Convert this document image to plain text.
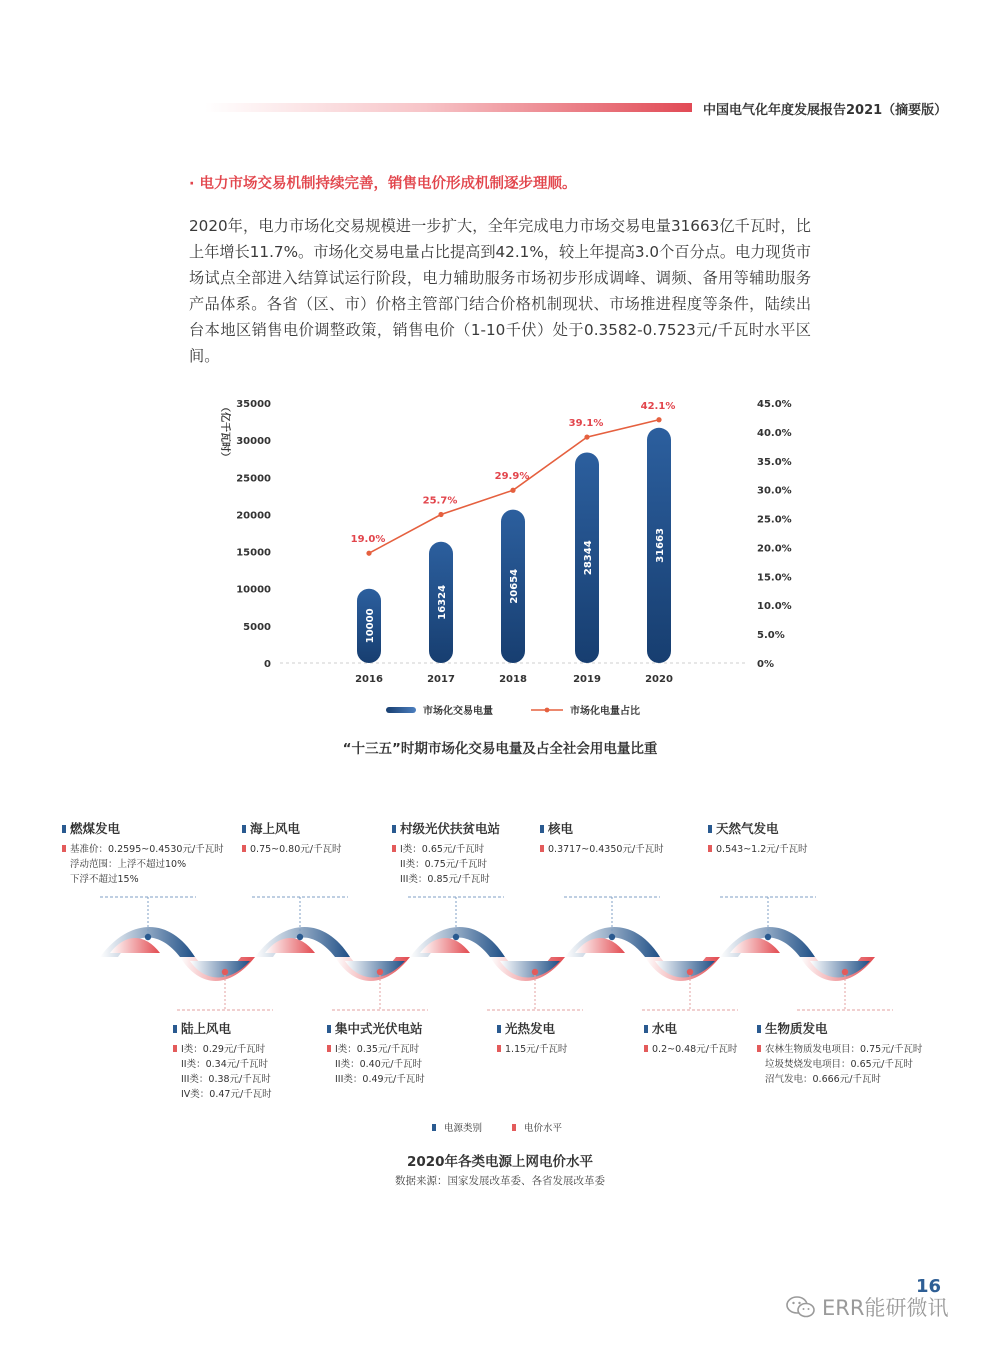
中国电气化年度发展报告2021（摘要版）
· 电力市场交易机制持续完善，销售电价形成机制逐步理顺。

2020年，电力市场化交易规模进一步扩大，全年完成电力市场交易电量31663亿千瓦时，比上年增长11.7%。市场化交易电量占比提高到42.1%，较上年提高3.0个百分点。电力现货市场试点全部进入结算试运行阶段，电力辅助服务市场初步形成调峰、调频、备用等辅助服务产品体系。各省（区、市）价格主管部门结合价格机制现状、市场推进程度等条件，陆续出台本地区销售电价调整政策，销售电价（1-10千伏）处于0.3582-0.7523元/千瓦时水平区间。

0
5000
10000
15000
20000
25000
30000
35000
0%
5.0%
10.0%
15.0%
20.0%
25.0%
30.0%
35.0%
40.0%
45.0%
（亿千瓦时）
2016	2017	2018	2019	2020
10000
16324	20654
28344	31663
19.0%
25.7%
29.9%
39.1%
42.1%
市场化交易电量	市场化电量占比
“十三五”时期市场化交易电量及占全社会用电量比重
燃煤发电
基准价：0.2595~0.4530元/千瓦时
浮动范围：上浮不超过10%
下浮不超过15%
海上风电
0.75~0.80元/千瓦时
村级光伏扶贫电站
I类：0.65元/千瓦时
II类：0.75元/千瓦时
III类：0.85元/千瓦时
核电
0.3717~0.4350元/千瓦时
天然气发电
0.543~1.2元/千瓦时
陆上风电
I类：0.29元/千瓦时
II类：0.34元/千瓦时
III类：0.38元/千瓦时
IV类：0.47元/千瓦时
集中式光伏电站
I类：0.35元/千瓦时
II类：0.40元/千瓦时
III类：0.49元/千瓦时
光热发电
1.15元/千瓦时
水电
0.2~0.48元/千瓦时
生物质发电
农林生物质发电项目：0.75元/千瓦时
垃圾焚烧发电项目：0.65元/千瓦时
沼气发电：0.666元/千瓦时
电源类别	电价水平
2020年各类电源上网电价水平
数据来源：国家发展改革委、各省发展改革委
16
ERR能研微讯
